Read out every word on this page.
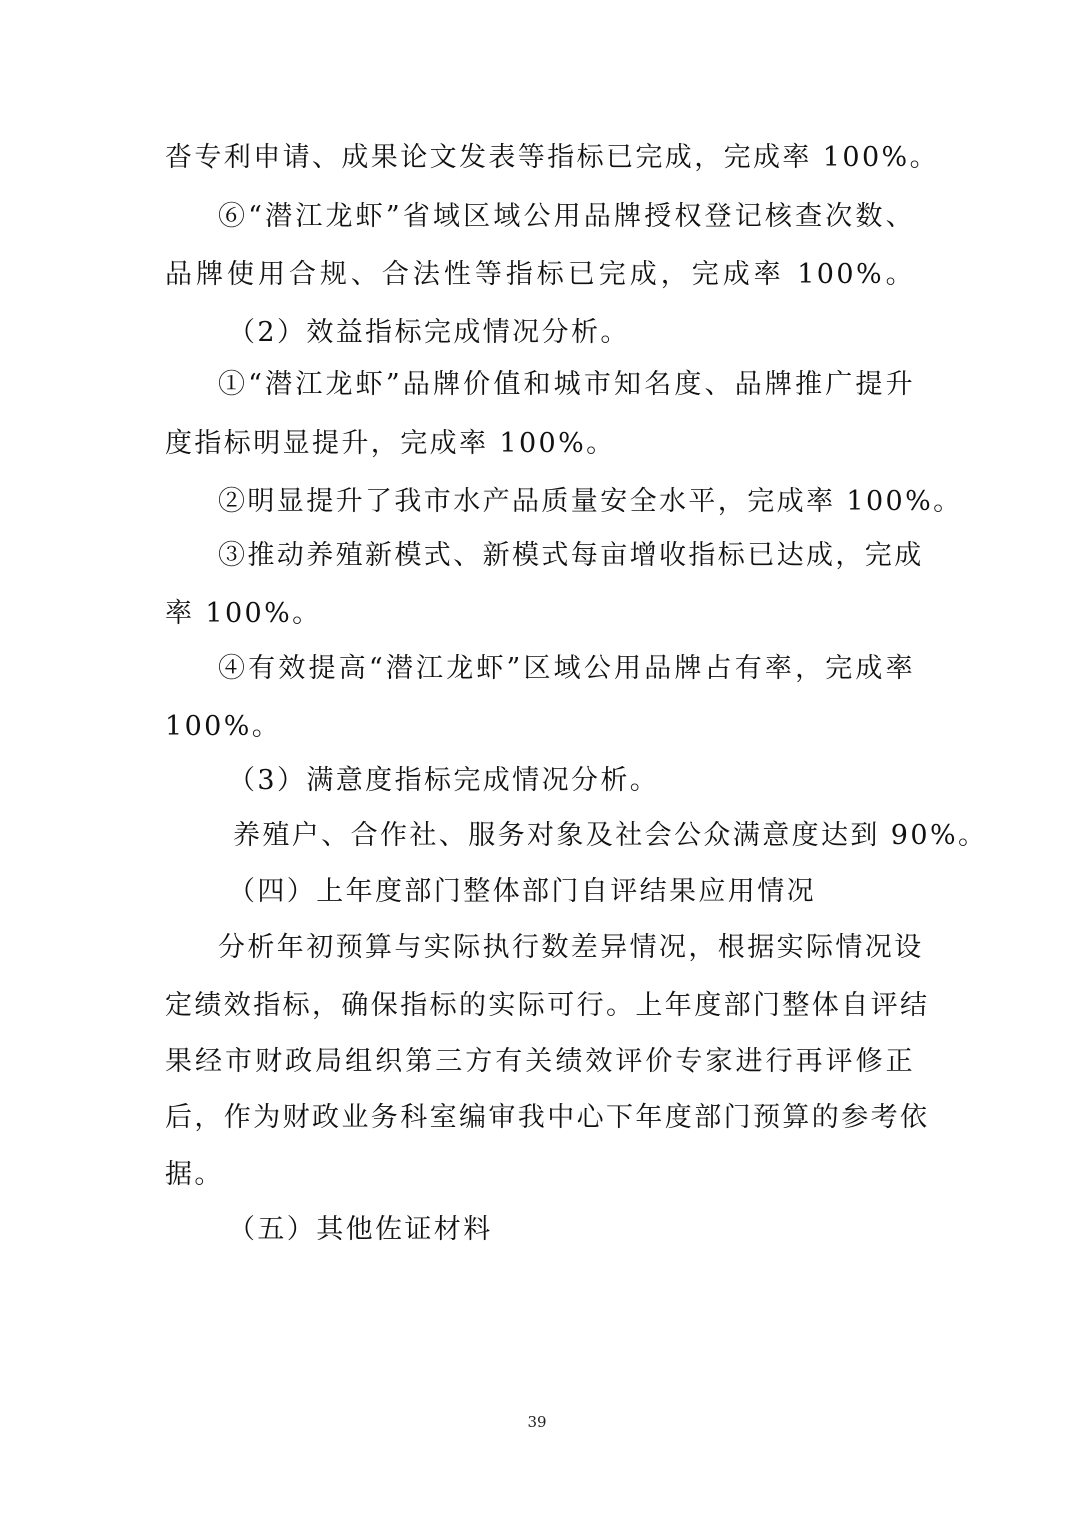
沓专利申请、成果论文发表等指标已完成，完成率 100%。
⑥“潜江龙虾”省域区域公用品牌授权登记核查次数、
品牌使用合规、合法性等指标已完成，完成率 100%。
（2）效益指标完成情况分析。
①“潜江龙虾”品牌价值和城市知名度、品牌推广提升
度指标明显提升，完成率 100%。
②明显提升了我市水产品质量安全水平，完成率 100%。
③推动养殖新模式、新模式每亩增收指标已达成，完成
率 100%。
④有效提高“潜江龙虾”区域公用品牌占有率，完成率
100%。
（3）满意度指标完成情况分析。
养殖户、合作社、服务对象及社会公众满意度达到 90%。
（四）上年度部门整体部门自评结果应用情况
分析年初预算与实际执行数差异情况，根据实际情况设
定绩效指标，确保指标的实际可行。上年度部门整体自评结
果经市财政局组织第三方有关绩效评价专家进行再评修正
后，作为财政业务科室编审我中心下年度部门预算的参考依
据。
（五）其他佐证材料
39
